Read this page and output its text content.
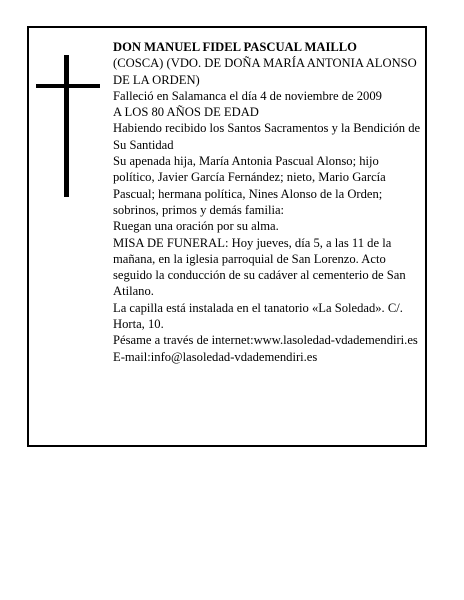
DON MANUEL FIDEL PASCUAL MAILLO

(COSCA) (VDO. DE DOÑA MARÍA ANTONIA ALONSO DE LA ORDEN)

Falleció en Salamanca el día 4 de noviembre de 2009

A LOS 80 AÑOS DE EDAD

Habiendo recibido los Santos Sacramentos y la Bendición de Su Santidad

Su apenada hija, María Antonia Pascual Alonso; hijo político, Javier García Fernández; nieto, Mario García Pascual; hermana política, Nines Alonso de la Orden; sobrinos, primos y demás familia:

Ruegan una oración por su alma.

MISA DE FUNERAL: Hoy jueves, día 5, a las 11 de la mañana, en la iglesia parroquial de San Lorenzo. Acto seguido la conducción de su cadáver al cementerio de San Atilano.

La capilla está instalada en el tanatorio «La Soledad». C/. Horta, 10.

Pésame a través de internet:www.lasoledad-vdademendiri.es

E-mail:info@lasoledad-vdademendiri.es
